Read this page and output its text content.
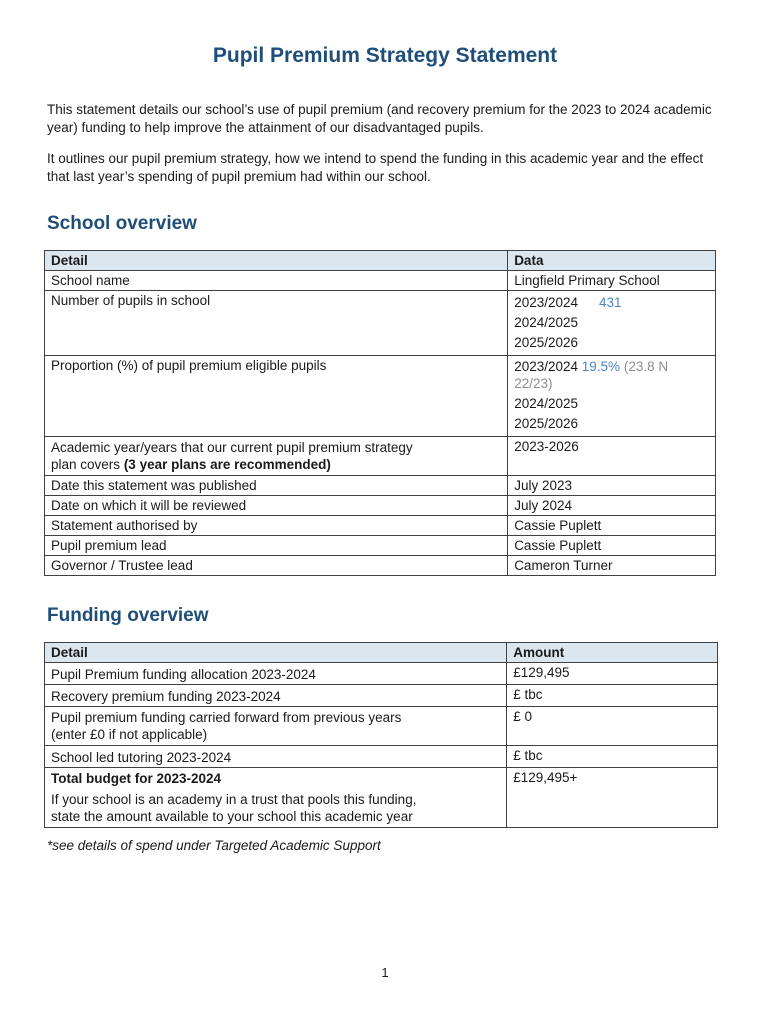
Pupil Premium Strategy Statement

This statement details our school’s use of pupil premium (and recovery premium for the 2023 to 2024 academic year) funding to help improve the attainment of our disadvantaged pupils.

It outlines our pupil premium strategy, how we intend to spend the funding in this academic year and the effect that last year’s spending of pupil premium had within our school.

School overview
Detail	Data
School name	Lingfield Primary School
Number of pupils in school	2023/2024 431
2024/2025
2025/2026

Proportion (%) of pupil premium eligible pupils	2023/2024 19.5% (23.8 N
22/23)
2024/2025
2025/2026

Academic year/years that our current pupil premium strategy
plan covers (3 year plans are recommended)	2023-2026
Date this statement was published	July 2023
Date on which it will be reviewed	July 2024
Statement authorised by	Cassie Puplett
Pupil premium lead	Cassie Puplett
Governor / Trustee lead	Cameron Turner
Funding overview
Detail	Amount
Pupil Premium funding allocation 2023-2024	£129,495
Recovery premium funding 2023-2024	£ tbc
Pupil premium funding carried forward from previous years
(enter £0 if not applicable)	£ 0
School led tutoring 2023-2024	£ tbc
Total budget for 2023-2024
If your school is an academy in a trust that pools this funding,
state the amount available to your school this academic year	£129,495+
*see details of spend under Targeted Academic Support
1
